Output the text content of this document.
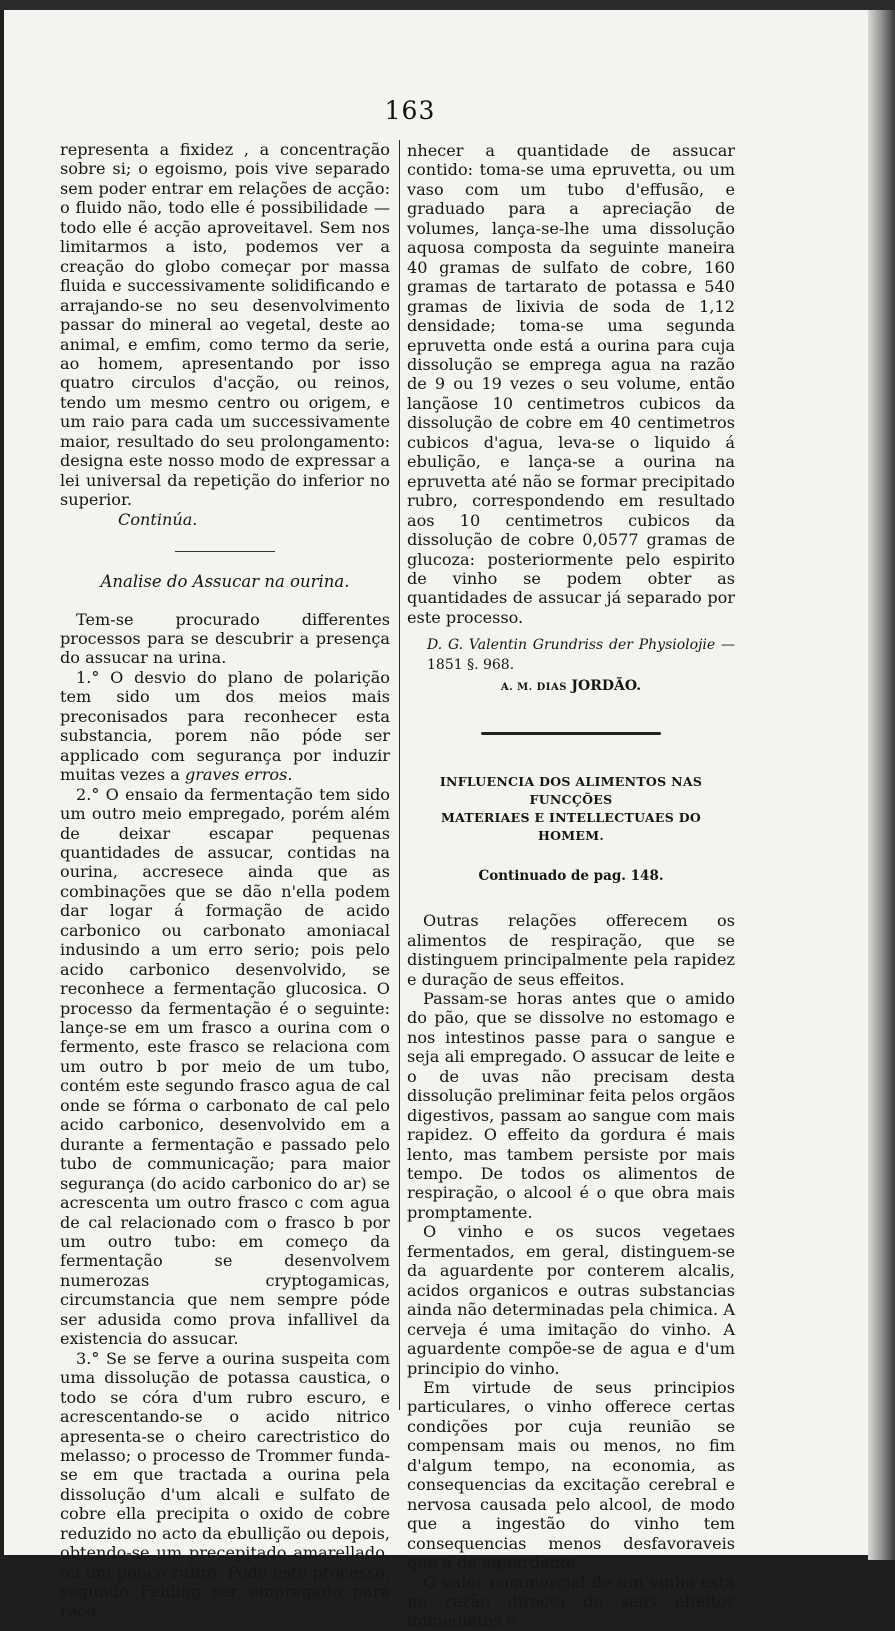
163

representa a fixidez , a concentração sobre si; o egoismo, pois vive separado sem poder entrar em relações de acção: o fluido não, todo elle é possibilidade — todo elle é acção aproveitavel. Sem nos limitarmos a isto, podemos ver a creação do globo começar por massa fluida e successivamente solidificando e arrajando-se no seu desenvolvimento passar do mineral ao vegetal, deste ao animal, e emfim, como termo da serie, ao homem, apresentando por isso quatro circulos d'acção, ou reinos, tendo um mesmo centro ou origem, e um raio para cada um successivamente maior, resultado do seu prolongamento: designa este nosso modo de expressar a lei universal da repetição do inferior no superior.

Continúa.

Analise do Assucar na ourina.

Tem-se procurado differentes processos para se descubrir a presença do assucar na urina.

1.° O desvio do plano de polarição tem sido um dos meios mais preconisados para reconhecer esta substancia, porem não póde ser applicado com segurança por induzir muitas vezes a graves erros.

2.° O ensaio da fermentação tem sido um outro meio empregado, porém além de deixar escapar pequenas quantidades de assucar, contidas na ourina, accresece ainda que as combinações que se dão n'ella podem dar logar á formação de acido carbonico ou carbonato amoniacal indusindo a um erro serio; pois pelo acido carbonico desenvolvido, se reconhece a fermentação glucosica. O processo da fermentação é o seguinte: lançe-se em um frasco a ourina com o fermento, este frasco se relaciona com um outro b por meio de um tubo, contém este segundo frasco agua de cal onde se fórma o carbonato de cal pelo acido carbonico, desenvolvido em a durante a fermentação e passado pelo tubo de communicação; para maior segurança (do acido carbonico do ar) se acrescenta um outro frasco c com agua de cal relacionado com o frasco b por um outro tubo: em começo da fermentação se desenvolvem numerozas cryptogamicas, circumstancia que nem sempre póde ser adusida como prova infallivel da existencia do assucar.

3.° Se se ferve a ourina suspeita com uma dissolução de potassa caustica, o todo se córa d'um rubro escuro, e acrescentando-se o acido nitrico apresenta-se o cheiro carectristico do melasso; o processo de Trommer funda-se em que tractada a ourina pela dissolução d'um alcali e sulfato de cobre ella precipita o oxido de cobre reduzido no acto da ebullição ou depois, obtendo-se um precepitado amarellado, ou um pouco rubro. Póde este processo, segundo Fehling ser empregado para reco-

nhecer a quantidade de assucar contido: toma-se uma epruvetta, ou um vaso com um tubo d'effusão, e graduado para a apreciação de volumes, lança-se-lhe uma dissolução aquosa composta da seguinte maneira 40 gramas de sulfato de cobre, 160 gramas de tartarato de potassa e 540 gramas de lixivia de soda de 1,12 densidade; toma-se uma segunda epruvetta onde está a ourina para cuja dissolução se emprega agua na razão de 9 ou 19 vezes o seu volume, então lançãose 10 centimetros cubicos da dissolução de cobre em 40 centimetros cubicos d'agua, leva-se o liquido á ebulição, e lança-se a ourina na epruvetta até não se formar precipitado rubro, correspondendo em resultado aos 10 centimetros cubicos da dissolução de cobre 0,0577 gramas de glucoza: posteriormente pelo espirito de vinho se podem obter as quantidades de assucar já separado por este processo.

D. G. Valentin Grundriss der Physiolojie — 1851 §. 968.

A. M. DIAS JORDÃO.

INFLUENCIA DOS ALIMENTOS NAS FUNCÇÕES

MATERIAES E INTELLECTUAES DO HOMEM.

Continuado de pag. 148.

Outras relações offerecem os alimentos de respiração, que se distinguem principalmente pela rapidez e duração de seus effeitos.

Passam-se horas antes que o amido do pão, que se dissolve no estomago e nos intestinos passe para o sangue e seja ali empregado. O assucar de leite e o de uvas não precisam desta dissolução preliminar feita pelos orgãos digestivos, passam ao sangue com mais rapidez. O effeito da gordura é mais lento, mas tambem persiste por mais tempo. De todos os alimentos de respiração, o alcool é o que obra mais promptamente.

O vinho e os sucos vegetaes fermentados, em geral, distinguem-se da aguardente por conterem alcalis, acidos organicos e outras substancias ainda não determinadas pela chimica. A cerveja é uma imitação do vinho. A aguardente compõe-se de agua e d'um principio do vinho.

Em virtude de seus principios particulares, o vinho offerece certas condições por cuja reunião se compensam mais ou menos, no fim d'algum tempo, na economia, as consequencias da excitação cerebral e nervosa causada pelo alcool, de modo que a ingestão do vinho tem consequencias menos desfavoraveis que a da aguardente.

O valor commercial de um vinho está na razão directa de seus effeitos immediatos e
